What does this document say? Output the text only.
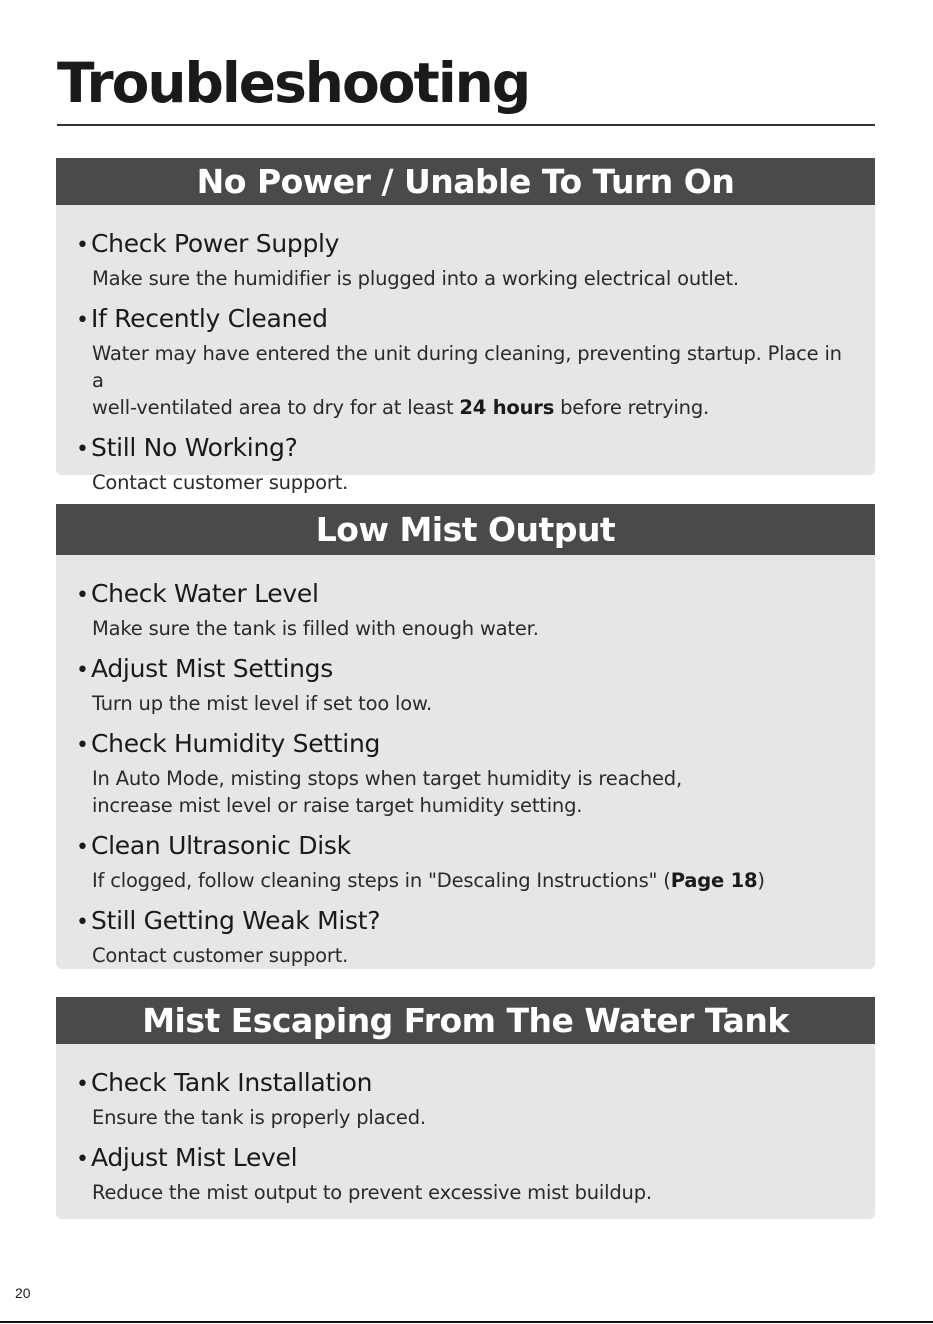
Troubleshooting
No Power / Unable To Turn On
•Check Power Supply
Make sure the humidifier is plugged into a working electrical outlet.
•If Recently Cleaned
Water may have entered the unit during cleaning, preventing startup. Place in a
well-ventilated area to dry for at least 24 hours before retrying.
•Still No Working?
Contact customer support.
Low Mist Output
•Check Water Level
Make sure the tank is filled with enough water.
•Adjust Mist Settings
Turn up the mist level if set too low.
•Check Humidity Setting
In Auto Mode, misting stops when target humidity is reached,
increase mist level or raise target humidity setting.
•Clean Ultrasonic Disk
If clogged, follow cleaning steps in "Descaling Instructions" (Page 18)
•Still Getting Weak Mist?
Contact customer support.
Mist Escaping From The Water Tank
•Check Tank Installation
Ensure the tank is properly placed.
•Adjust Mist Level
Reduce the mist output to prevent excessive mist buildup.
20
